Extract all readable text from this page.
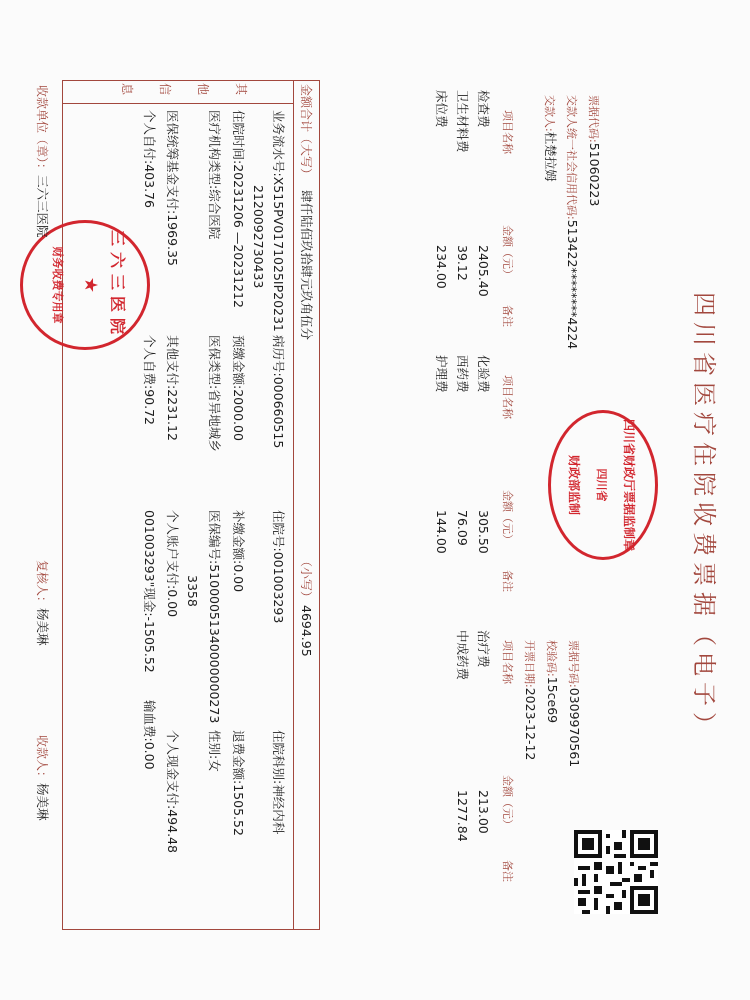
四川省医疗住院收费票据（电子）
四川省财政厅票据监制章
四川省
财政部监制
票据代码:51060223
交款人统一社会信用代码:513422********4224
交款人:杜楚拉姆
票据号码:0309970561
校验码:15ce69
开票日期:2023-12-12
项目名称
金额（元）
备注
项目名称
金额（元）
备注
项目名称
金额（元）
备注
检查费
2405.40
卫生材料费
39.12
床位费
234.00
化验费
305.50
西药费
76.09
护理费
144.00
治疗费
213.00
中成药费
1277.84
金额合计（大写）
肆仟陆佰玖拾肆元玖角伍分
（小写）
4694.95
其他信息
业务流水号:X515PV0171025IP20231
病历号:000660515
住院号:001003293
住院科别:神经内科
2120092730433
住院时间:20231206 —20231212
预缴金额:2000.00
补缴金额:0.00
退费金额:1505.52
医疗机构类型:综合医院
医保类型:省异地城乡
医保编号:51000051340000000273
性别:女
3358
医保统筹基金支付:1969.35
其他支付:2231.12
个人账户支付:0.00
个人现金支付:494.48
个人自付:403.76
个人自费:90.72
001003293"现金:-1505.52
输血费:0.00
三六三医院
★
财务收费专用章
收款单位（章）：三六三医院
复核人：杨美琳
收款人：杨美琳
